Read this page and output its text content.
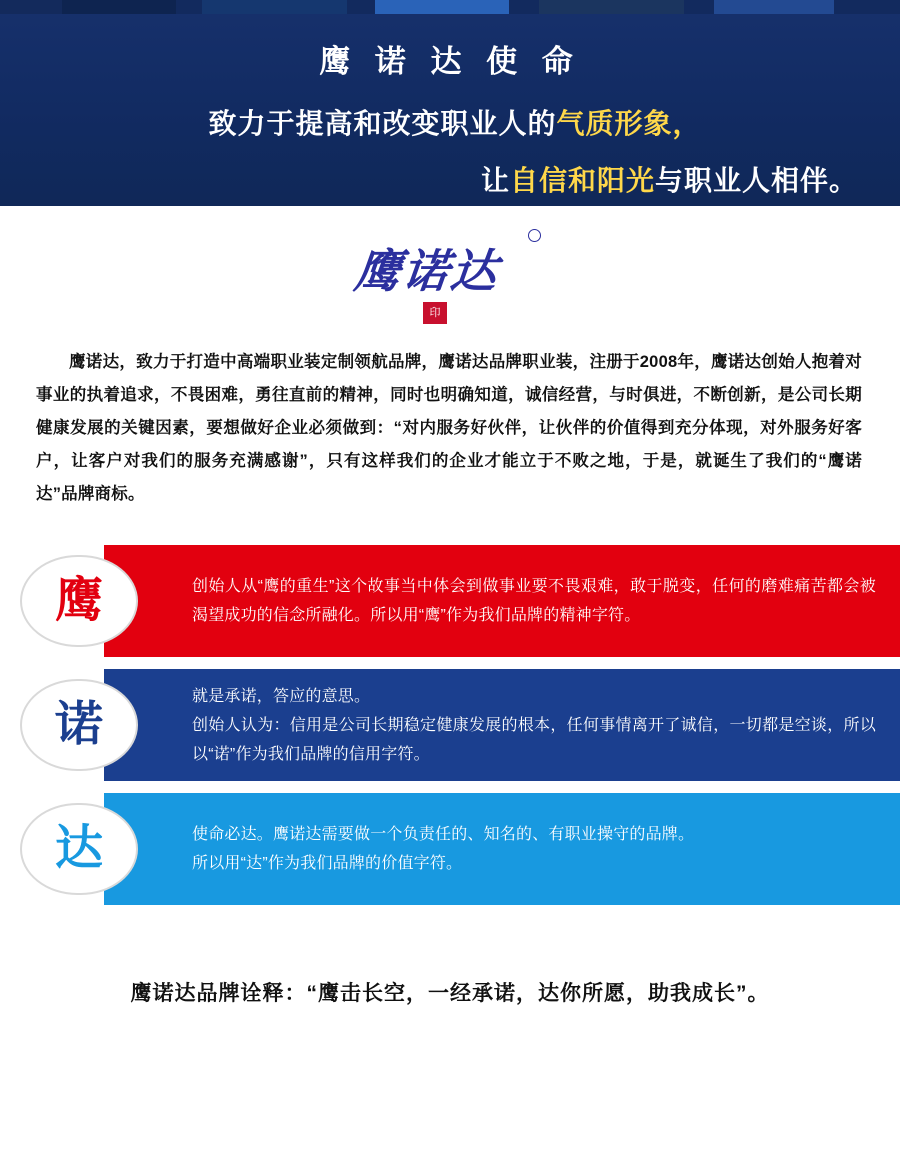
鹰 诺 达 使 命
致力于提高和改变职业人的气质形象，
让自信和阳光与职业人相伴。
鹰诺达
印

鹰诺达，致力于打造中高端职业装定制领航品牌，鹰诺达品牌职业装，注册于2008年，鹰诺达创始人抱着对事业的执着追求，不畏困难，勇往直前的精神，同时也明确知道，诚信经营，与时俱进，不断创新，是公司长期健康发展的关键因素，要想做好企业必须做到：“对内服务好伙伴，让伙伴的价值得到充分体现，对外服务好客户，让客户对我们的服务充满感谢”，只有这样我们的企业才能立于不败之地，于是，就诞生了我们的“鹰诺达”品牌商标。

鹰	创始人从“鹰的重生”这个故事当中体会到做事业要不畏艰难，敢于脱变，任何的磨难痛苦都会被渴望成功的信念所融化。所以用“鹰”作为我们品牌的精神字符。

诺

就是承诺，答应的意思。

创始人认为：信用是公司长期稳定健康发展的根本，任何事情离开了诚信，一切都是空谈，所以以“诺”作为我们品牌的信用字符。

达	使命必达。鹰诺达需要做一个负责任的、知名的、有职业操守的品牌。

所以用“达”作为我们品牌的价值字符。

鹰诺达品牌诠释：“鹰击长空，一经承诺，达你所愿，助我成长”。
